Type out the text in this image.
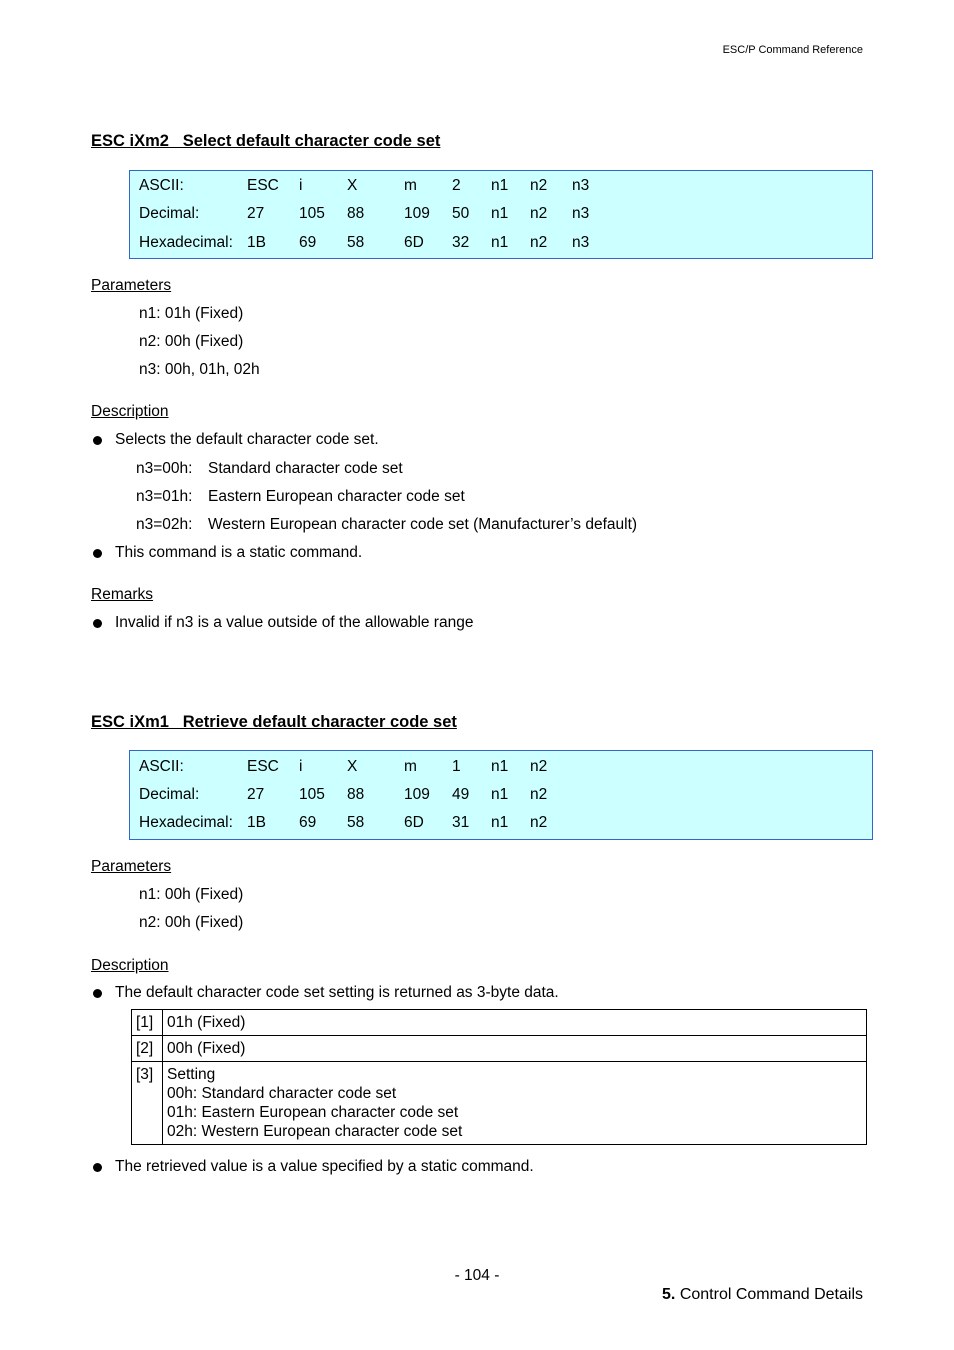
ESC/P Command Reference
ESC iXm2   Select default character code set
ASCII:	ESC i	X	m 2 n1 n2 n3
Decimal:	27 105 88	109 50 n1 n2 n3
Hexadecimal: 1B 69 58	6D 32 n1 n2 n3
Parameters
n1: 01h (Fixed)
n2: 00h (Fixed)
n3: 00h, 01h, 02h
Description
Selects the default character code set.
n3=00h: Standard character code set
n3=01h: Eastern European character code set
n3=02h: Western European character code set (Manufacturer’s default)
This command is a static command.
Remarks
Invalid if n3 is a value outside of the allowable range
ESC iXm1   Retrieve default character code set
ASCII:	ESC i	X	m 1 n1 n2
Decimal:	27 105 88	109 49 n1 n2
Hexadecimal: 1B 69 58	6D 31 n1 n2
Parameters
n1: 00h (Fixed)
n2: 00h (Fixed)
Description
The default character code set setting is returned as 3-byte data.
[1]	01h (Fixed)

[2]	00h (Fixed)

[3]	Setting
00h: Standard character code set
01h: Eastern European character code set
02h: Western European character code set
The retrieved value is a value specified by a static command.
- 104 -
5. Control Command Details
